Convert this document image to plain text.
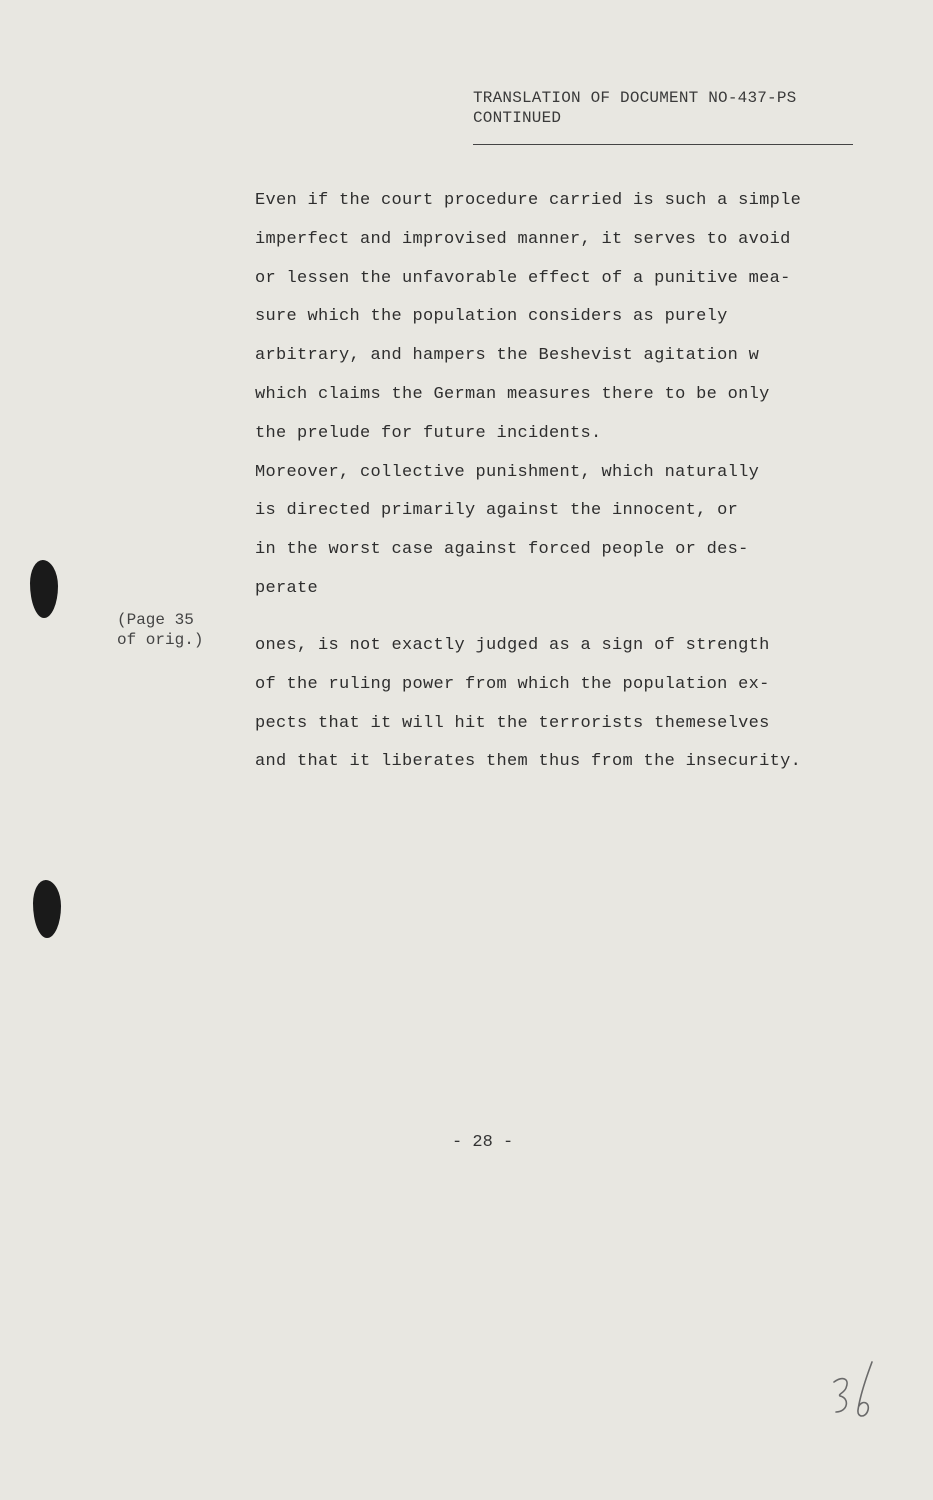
TRANSLATION OF DOCUMENT NO-437-PS
CONTINUED
Even if the court procedure carried is such a simple
imperfect and improvised manner, it serves to avoid
or lessen the unfavorable effect of a punitive mea-
sure which the population considers as purely
arbitrary, and hampers the Beshevist agitation w
which claims the German measures there to be only
the prelude for future incidents.
Moreover, collective punishment, which naturally
is directed primarily against the innocent, or
in the worst case against forced people or des-
perate
(Page 35
of orig.)	ones, is not exactly judged as a sign of strength
of the ruling power from which the population ex-
pects that it will hit the terrorists themeselves
and that it liberates them thus from the insecurity.
- 28 -
